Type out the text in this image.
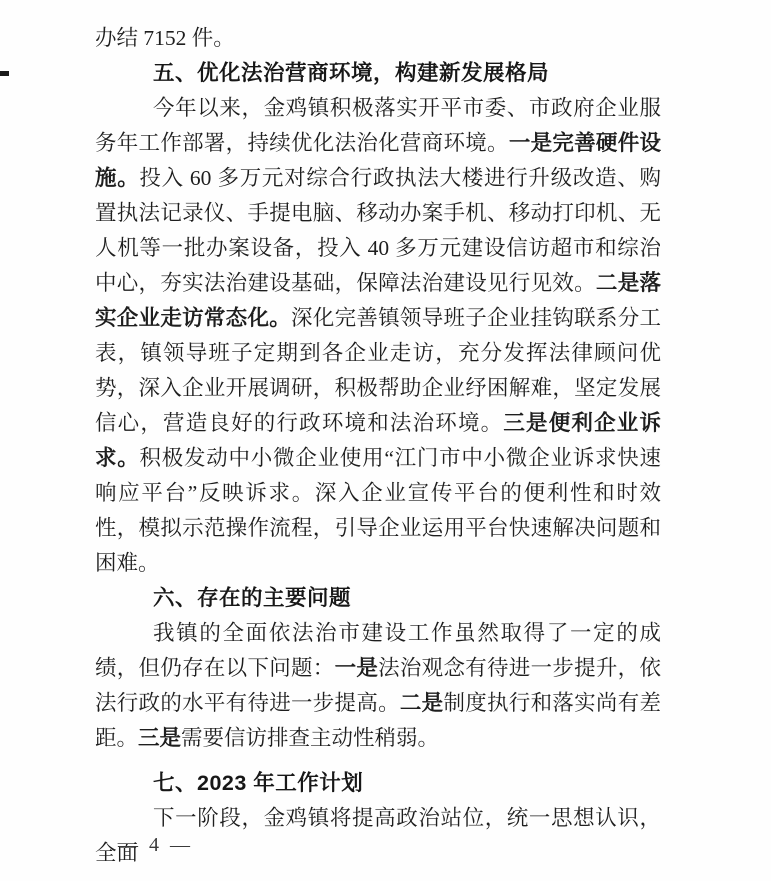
办结 7152 件。

五、优化法治营商环境，构建新发展格局

今年以来，金鸡镇积极落实开平市委、市政府企业服务年工作部署，持续优化法治化营商环境。一是完善硬件设施。投入 60 多万元对综合行政执法大楼进行升级改造、购置执法记录仪、手提电脑、移动办案手机、移动打印机、无人机等一批办案设备，投入 40 多万元建设信访超市和综治中心，夯实法治建设基础，保障法治建设见行见效。二是落实企业走访常态化。深化完善镇领导班子企业挂钩联系分工表，镇领导班子定期到各企业走访，充分发挥法律顾问优势，深入企业开展调研，积极帮助企业纾困解难，坚定发展信心，营造良好的行政环境和法治环境。三是便利企业诉求。积极发动中小微企业使用“江门市中小微企业诉求快速响应平台”反映诉求。深入企业宣传平台的便利性和时效性，模拟示范操作流程，引导企业运用平台快速解决问题和困难。

六、存在的主要问题

我镇的全面依法治市建设工作虽然取得了一定的成绩，但仍存在以下问题：一是法治观念有待进一步提升，依法行政的水平有待进一步提高。二是制度执行和落实尚有差距。三是需要信访排查主动性稍弱。

七、2023 年工作计划

下一阶段，金鸡镇将提高政治站位，统一思想认识，全面

— 4 —
